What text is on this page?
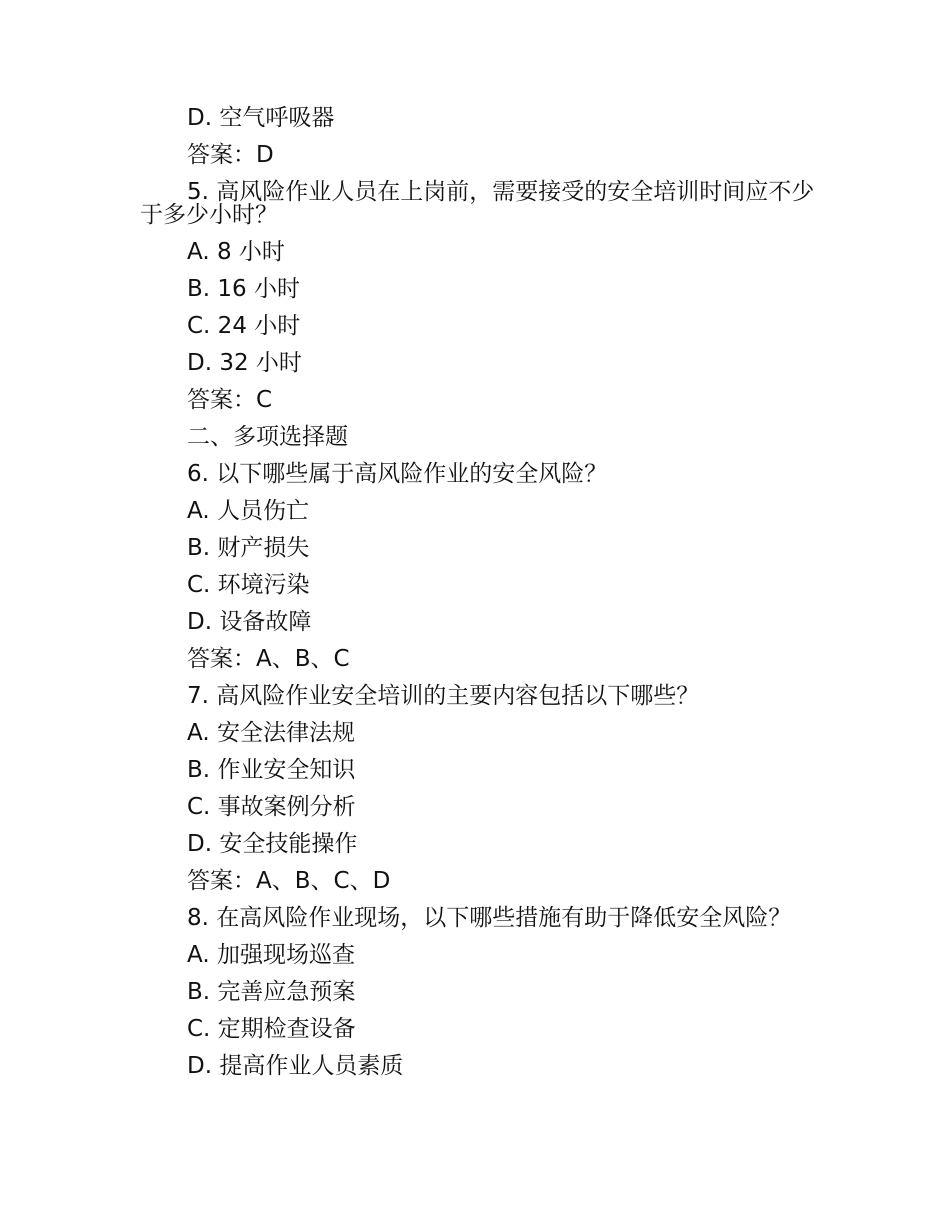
D. 空气呼吸器
答案：D
5. 高风险作业人员在上岗前，需要接受的安全培训时间应不少于多少小时？
A. 8 小时
B. 16 小时
C. 24 小时
D. 32 小时
答案：C
二、多项选择题
6. 以下哪些属于高风险作业的安全风险？
A. 人员伤亡
B. 财产损失
C. 环境污染
D. 设备故障
答案：A、B、C
7. 高风险作业安全培训的主要内容包括以下哪些？
A. 安全法律法规
B. 作业安全知识
C. 事故案例分析
D. 安全技能操作
答案：A、B、C、D
8. 在高风险作业现场，以下哪些措施有助于降低安全风险？
A. 加强现场巡查
B. 完善应急预案
C. 定期检查设备
D. 提高作业人员素质
